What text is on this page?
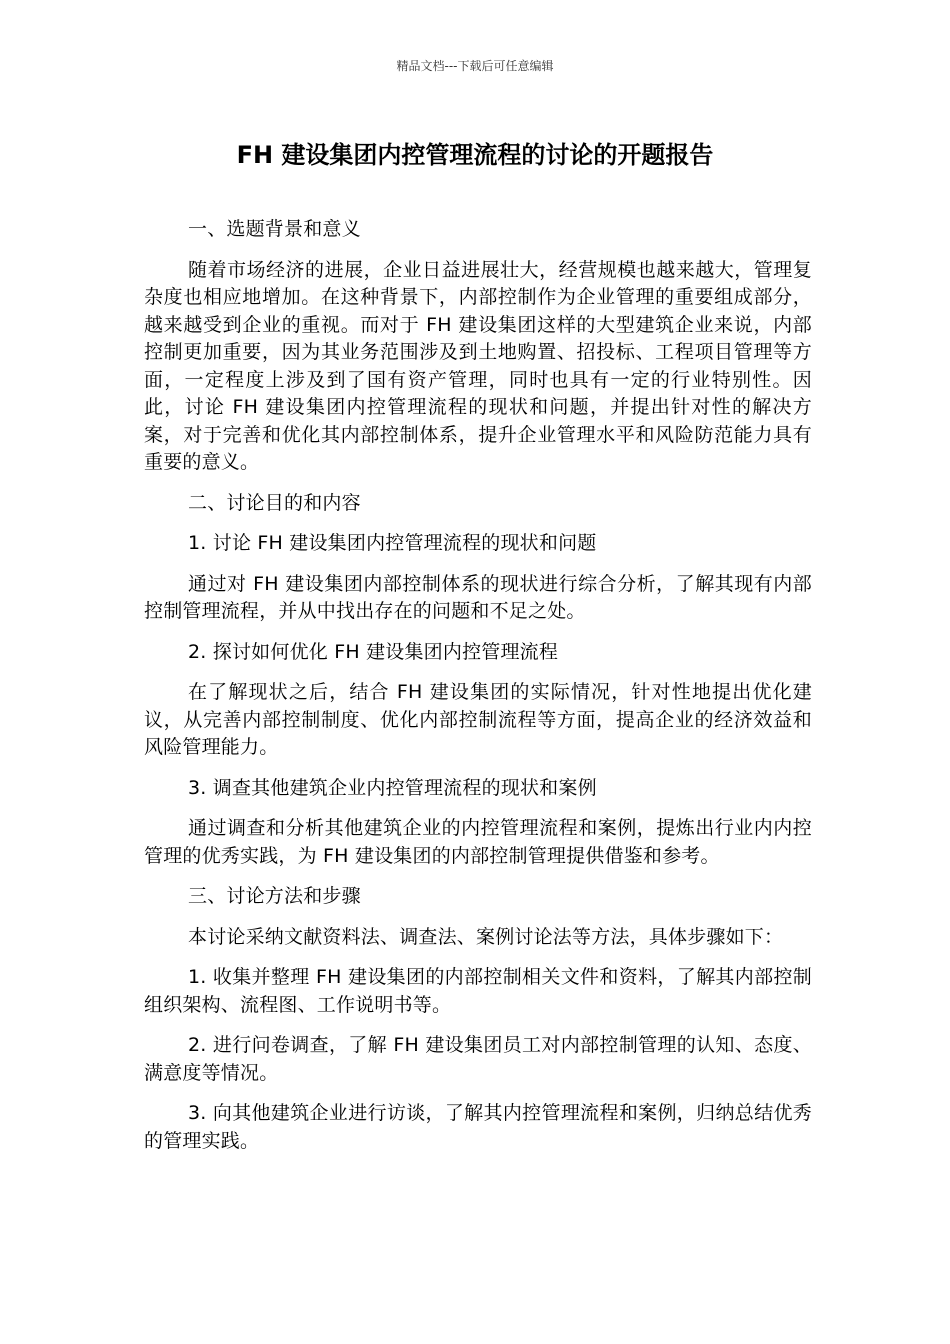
精品文档---下载后可任意编辑
FH 建设集团内控管理流程的讨论的开题报告

一、选题背景和意义

随着市场经济的进展，企业日益进展壮大，经营规模也越来越大，管理复杂度也相应地增加。在这种背景下，内部控制作为企业管理的重要组成部分，越来越受到企业的重视。而对于 FH 建设集团这样的大型建筑企业来说，内部控制更加重要，因为其业务范围涉及到土地购置、招投标、工程项目管理等方面，一定程度上涉及到了国有资产管理，同时也具有一定的行业特别性。因此，讨论 FH 建设集团内控管理流程的现状和问题，并提出针对性的解决方案，对于完善和优化其内部控制体系，提升企业管理水平和风险防范能力具有重要的意义。

二、讨论目的和内容

1. 讨论 FH 建设集团内控管理流程的现状和问题

通过对 FH 建设集团内部控制体系的现状进行综合分析，了解其现有内部控制管理流程，并从中找出存在的问题和不足之处。

2. 探讨如何优化 FH 建设集团内控管理流程

在了解现状之后，结合 FH 建设集团的实际情况，针对性地提出优化建议，从完善内部控制制度、优化内部控制流程等方面，提高企业的经济效益和风险管理能力。

3. 调查其他建筑企业内控管理流程的现状和案例

通过调查和分析其他建筑企业的内控管理流程和案例，提炼出行业内内控管理的优秀实践，为 FH 建设集团的内部控制管理提供借鉴和参考。

三、讨论方法和步骤

本讨论采纳文献资料法、调查法、案例讨论法等方法，具体步骤如下：

1. 收集并整理 FH 建设集团的内部控制相关文件和资料，了解其内部控制组织架构、流程图、工作说明书等。

2. 进行问卷调查，了解 FH 建设集团员工对内部控制管理的认知、态度、满意度等情况。

3. 向其他建筑企业进行访谈，了解其内控管理流程和案例，归纳总结优秀的管理实践。
